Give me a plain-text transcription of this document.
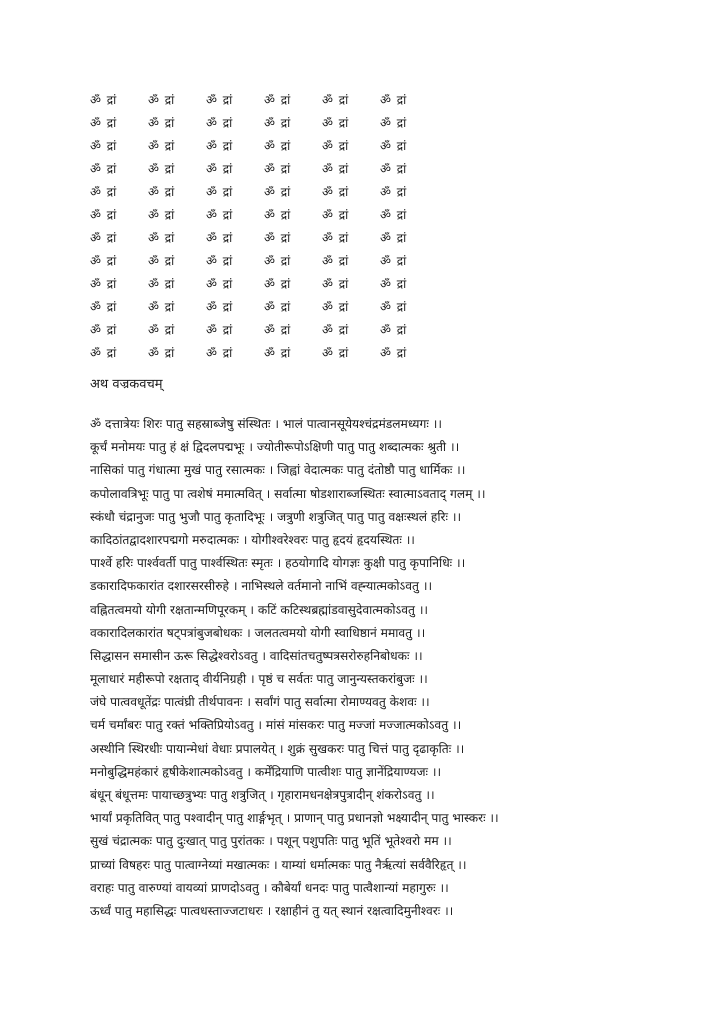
ॐ द्रां	ॐ द्रां	ॐ द्रां	ॐ द्रां	ॐ द्रां	ॐ द्रां
ॐ द्रां	ॐ द्रां	ॐ द्रां	ॐ द्रां	ॐ द्रां	ॐ द्रां
ॐ द्रां	ॐ द्रां	ॐ द्रां	ॐ द्रां	ॐ द्रां	ॐ द्रां
ॐ द्रां	ॐ द्रां	ॐ द्रां	ॐ द्रां	ॐ द्रां	ॐ द्रां
ॐ द्रां	ॐ द्रां	ॐ द्रां	ॐ द्रां	ॐ द्रां	ॐ द्रां
ॐ द्रां	ॐ द्रां	ॐ द्रां	ॐ द्रां	ॐ द्रां	ॐ द्रां
ॐ द्रां	ॐ द्रां	ॐ द्रां	ॐ द्रां	ॐ द्रां	ॐ द्रां
ॐ द्रां	ॐ द्रां	ॐ द्रां	ॐ द्रां	ॐ द्रां	ॐ द्रां
ॐ द्रां	ॐ द्रां	ॐ द्रां	ॐ द्रां	ॐ द्रां	ॐ द्रां
ॐ द्रां	ॐ द्रां	ॐ द्रां	ॐ द्रां	ॐ द्रां	ॐ द्रां
ॐ द्रां	ॐ द्रां	ॐ द्रां	ॐ द्रां	ॐ द्रां	ॐ द्रां
ॐ द्रां	ॐ द्रां	ॐ द्रां	ॐ द्रां	ॐ द्रां	ॐ द्रां
अथ वज्रकवचम्
ॐ दत्तात्रेयः शिरः पातु सहस्राब्जेषु संस्थितः । भालं पात्वानसूयेयश्चंद्रमंडलमध्यगः ।।
कूर्चं मनोमयः पातु हं क्षं द्विदलपद्मभूः । ज्योतीरूपोऽक्षिणी पातु पातु शब्दात्मकः श्रुती ।।
नासिकां पातु गंधात्मा मुखं पातु रसात्मकः । जिह्वां वेदात्मकः पातु दंतोष्ठौ पातु धार्मिकः ।।
कपोलावत्रिभूः पातु पा त्वशेषं ममात्मवित् । सर्वात्मा षोडशाराब्जस्थितः स्वात्माऽवताद् गलम् ।।
स्कंधौ चंद्रानुजः पातु भुजौ पातु कृतादिभूः । जत्रुणी शत्रुजित् पातु पातु वक्षःस्थलं हरिः ।।
कादिठांतद्वादशारपद्मगो मरुदात्मकः । योगीश्वरेश्वरः पातु हृदयं हृदयस्थितः ।।
पार्श्वे हरिः पार्श्ववर्ती पातु पार्श्वस्थितः स्मृतः । हठयोगादि योगज्ञः कुक्षी पातु कृपानिधिः ।।
डकारादिफकारांत दशारसरसीरुहे । नाभिस्थले वर्तमानो नाभिं वह्न्यात्मकोऽवतु ।।
वह्नितत्वमयो योगी रक्षतान्मणिपूरकम् । कटिं कटिस्थब्रह्मांडवासुदेवात्मकोऽवतु ।।
वकारादिलकारांत षट्पत्रांबुजबोधकः । जलतत्वमयो योगी स्वाधिष्ठानं ममावतु ।।
सिद्धासन समासीन ऊरू सिद्धेश्वरोऽवतु । वादिसांतचतुष्पत्रसरोरुहनिबोधकः ।।
मूलाधारं महीरूपो रक्षताद् वीर्यनिग्रही । पृष्ठं च सर्वतः पातु जानुन्यस्तकरांबुजः ।।
जंघे पात्ववधूतेंद्रः पात्वंघ्री तीर्थपावनः । सर्वांगं पातु सर्वात्मा रोमाण्यवतु केशवः ।।
चर्म चर्मांबरः पातु रक्तं भक्तिप्रियोऽवतु । मांसं मांसकरः पातु मज्जां मज्जात्मकोऽवतु ।।
अस्थीनि स्थिरधीः पायान्मेधां वेधाः प्रपालयेत् । शुक्रं सुखकरः पातु चित्तं पातु दृढाकृतिः ।।
मनोबुद्धिमहंकारं हृषीकेशात्मकोऽवतु । कर्मेंद्रियाणि पात्वीशः पातु ज्ञानेंद्रियाण्यजः ।।
बंधून् बंधूत्तमः पायाच्छत्रुभ्यः पातु शत्रुजित् । गृहारामधनक्षेत्रपुत्रादीन् शंकरोऽवतु ।।
भार्यां प्रकृतिवित् पातु पश्वादीन् पातु शार्ङ्गभृत् । प्राणान् पातु प्रधानज्ञो भक्ष्यादीन् पातु भास्करः ।।
सुखं चंद्रात्मकः पातु दुःखात् पातु पुरांतकः । पशून् पशुपतिः पातु भूतिं भूतेश्वरो मम ।।
प्राच्यां विषहरः पातु पात्वाग्नेय्यां मखात्मकः । याम्यां धर्मात्मकः पातु नैर्ऋत्यां सर्ववैरिहृत् ।।
वराहः पातु वारुण्यां वायव्यां प्राणदोऽवतु । कौबेर्यां धनदः पातु पात्वैशान्यां महागुरुः ।।
ऊर्ध्वं पातु महासिद्धः पात्वधस्ताज्जटाधरः । रक्षाहीनं तु यत् स्थानं रक्षत्वादिमुनीश्वरः ।।
